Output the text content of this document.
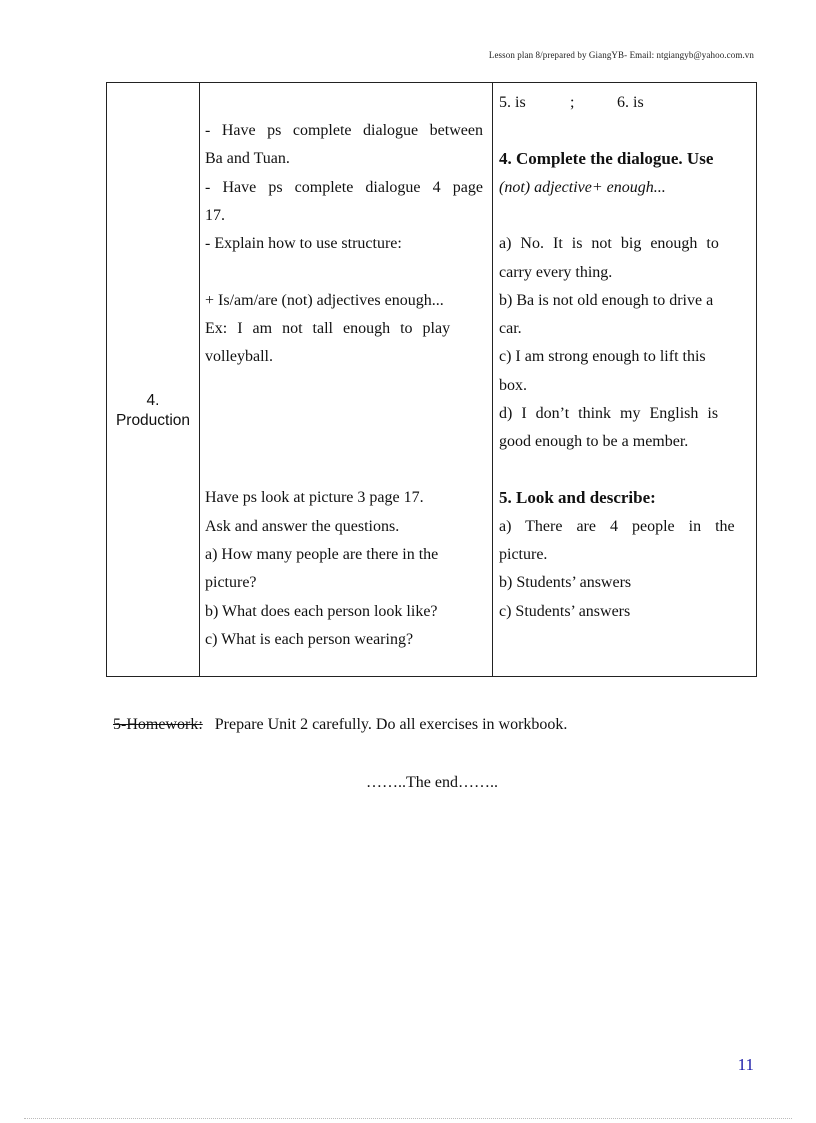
Lesson plan 8/prepared by GiangYB- Email: ntgiangyb@yahoo.com.vn
4.
Production
- Have ps complete dialogue between
Ba and Tuan.
- Have ps complete dialogue 4 page
17.
- Explain how to use structure:
+ Is/am/are (not) adjectives enough...
Ex: I am not tall enough to play
volleyball.
Have ps look at picture 3 page 17.
Ask and answer the questions.
a) How many people are there in the
picture?
b) What does each person look like?
c) What is each person wearing?
5. is	;	6. is
4. Complete the dialogue. Use
(not) adjective+ enough...
a) No. It is not big enough to
carry every thing.
b) Ba is not old enough to drive a
car.
c) I am strong enough to lift this
box.
d) I don’t think my English is
good enough to be a member.
5. Look and describe:
a) There are 4 people in the
picture.
b) Students’ answers
c) Students’ answers
5-Homework: Prepare Unit 2 carefully. Do all exercises in workbook.
……..The end……..
11
